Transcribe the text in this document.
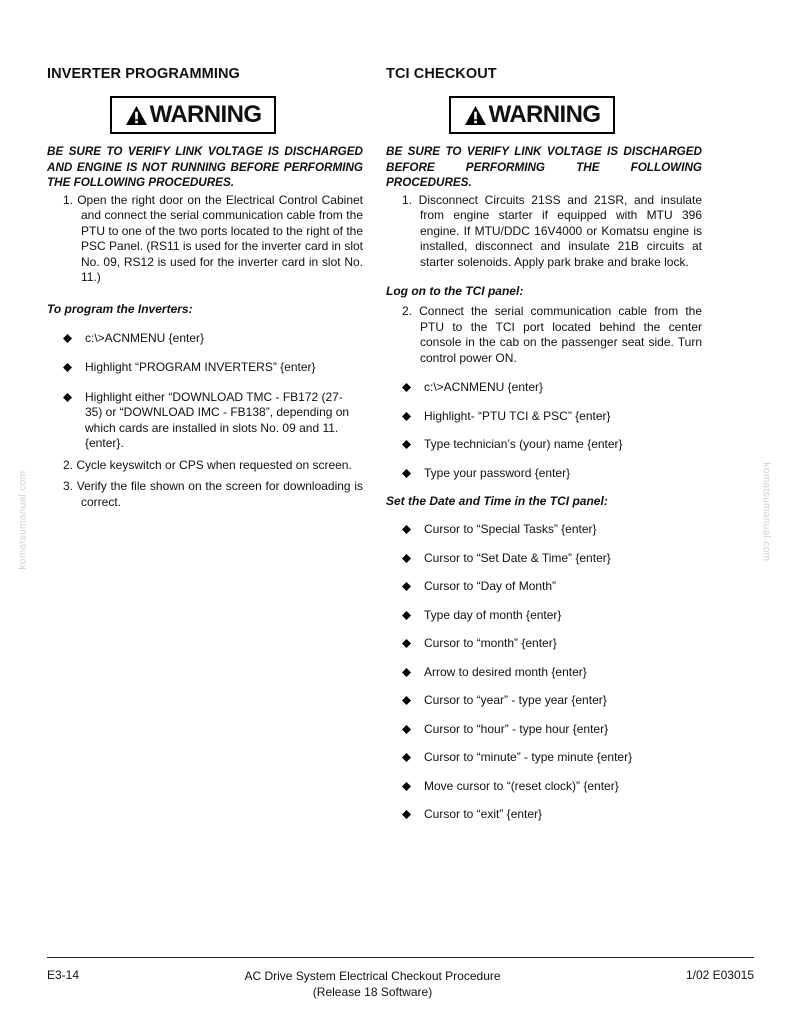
komatsumanual.com	komatsumanual.com
INVERTER PROGRAMMING
WARNING

BE SURE TO VERIFY LINK VOLTAGE IS DISCHARGED AND ENGINE IS NOT RUNNING BEFORE PERFORMING THE FOLLOWING PROCEDURES.

1. Open the right door on the Electrical Control Cabinet and connect the serial communication cable from the PTU to one of the two ports located to the right of the PSC Panel. (RS11 is used for the inverter card in slot No. 09, RS12 is used for the inverter card in slot No. 11.)

To program the Inverters:

c:\>ACNMENU {enter}
Highlight “PROGRAM INVERTERS” {enter}
Highlight either “DOWNLOAD TMC - FB172 (27-35) or “DOWNLOAD IMC - FB138”, depending on which cards are installed in slots No. 09 and 11. {enter}.

2. Cycle keyswitch or CPS when requested on screen.

3. Verify the file shown on the screen for downloading is correct.

TCI CHECKOUT
WARNING

BE SURE TO VERIFY LINK VOLTAGE IS DISCHARGED BEFORE PERFORMING THE FOLLOWING PROCEDURES.

1. Disconnect Circuits 21SS and 21SR, and insulate from engine starter if equipped with MTU 396 engine. If MTU/DDC 16V4000 or Komatsu engine is installed, disconnect and insulate 21B circuits at starter solenoids. Apply park brake and brake lock.

Log on to the TCI panel:

2. Connect the serial communication cable from the PTU to the TCI port located behind the center console in the cab on the passenger seat side. Turn control power ON.

c:\>ACNMENU {enter}
Highlight- “PTU TCI & PSC” {enter}
Type technician’s (your) name {enter}
Type your password {enter}

Set the Date and Time in the TCI panel:

Cursor to “Special Tasks” {enter}
Cursor to “Set Date & Time” {enter}
Cursor to “Day of Month”
Type day of month {enter}
Cursor to “month” {enter}
Arrow to desired month {enter}
Cursor to “year” - type year {enter}
Cursor to “hour” - type hour {enter}
Cursor to “minute” - type minute {enter}
Move cursor to “(reset clock)” {enter}
Cursor to “exit” {enter}
E3-14	AC Drive System Electrical Checkout Procedure
(Release 18 Software)
1/02 E03015
